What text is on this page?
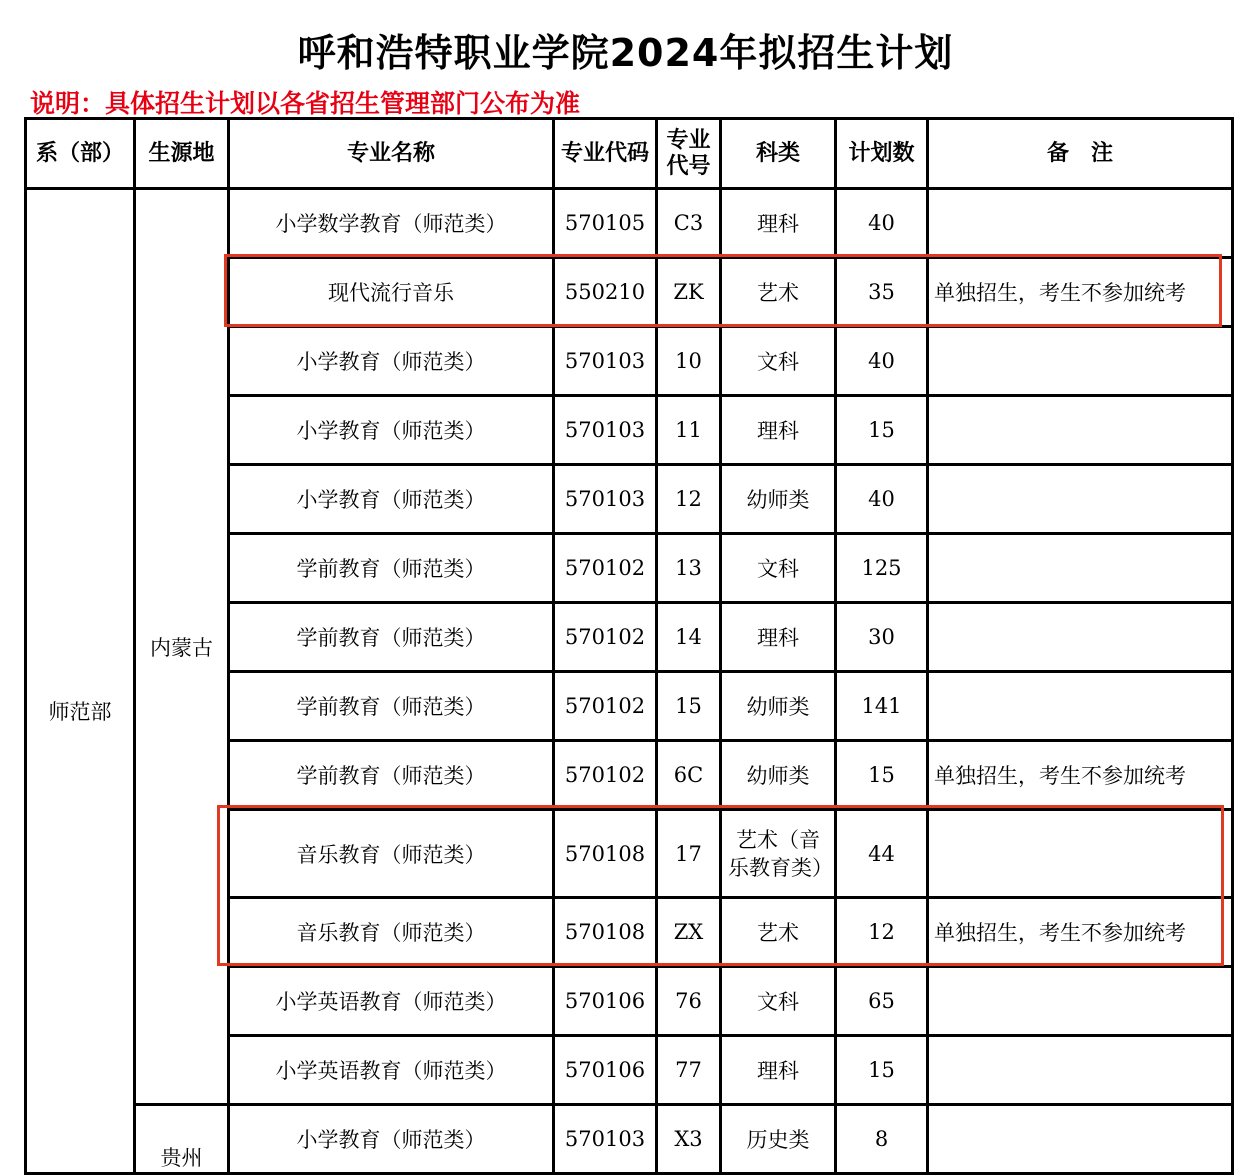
呼和浩特职业学院2024年拟招生计划
说明：具体招生计划以各省招生管理部门公布为准
系（部）	生源地	专业名称	专业代码	专业代号	科类	计划数	备　注
师范部	内蒙古	小学数学教育（师范类）	570105	C3	理科	40	
		现代流行音乐	550210	ZK	艺术	35	单独招生，考生不参加统考
		小学教育（师范类）	570103	10	文科	40	
		小学教育（师范类）	570103	11	理科	15	
		小学教育（师范类）	570103	12	幼师类	40	
		学前教育（师范类）	570102	13	文科	125	
		学前教育（师范类）	570102	14	理科	30	
		学前教育（师范类）	570102	15	幼师类	141	
		学前教育（师范类）	570102	6C	幼师类	15	单独招生，考生不参加统考
		音乐教育（师范类）	570108	17	艺术（音乐教育类）	44	
		音乐教育（师范类）	570108	ZX	艺术	12	单独招生，考生不参加统考
		小学英语教育（师范类）	570106	76	文科	65	
		小学英语教育（师范类）	570106	77	理科	15	
	贵州	小学教育（师范类）	570103	X3	历史类	8	
